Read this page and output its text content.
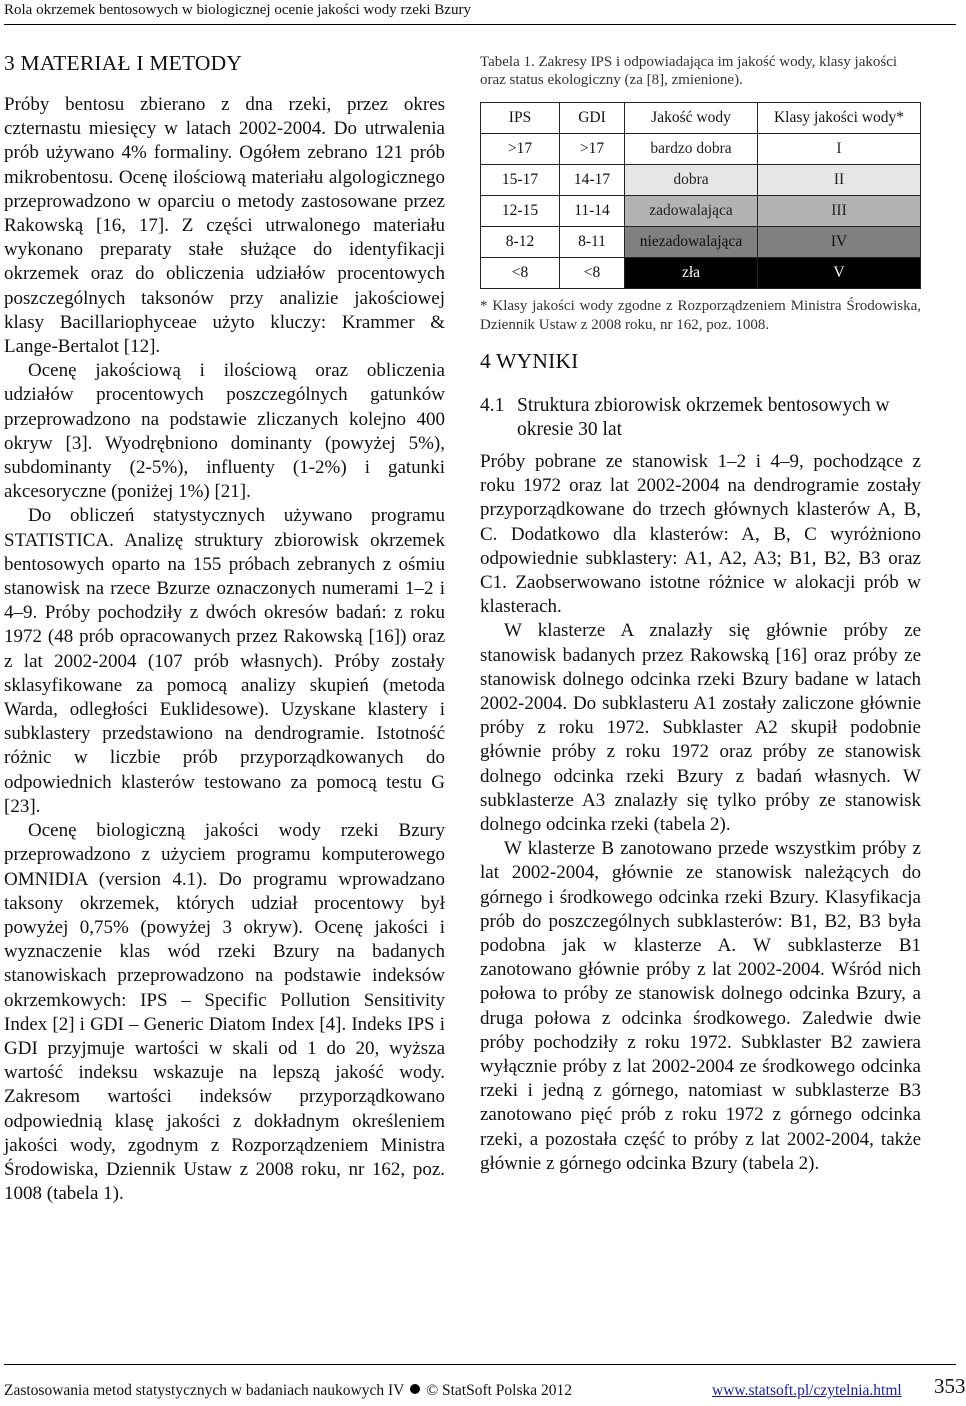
Rola okrzemek bentosowych w biologicznej ocenie jakości wody rzeki Bzury
3 MATERIAŁ I METODY

Próby bentosu zbierano z dna rzeki, przez okres czternastu miesięcy w latach 2002-2004. Do utrwalenia prób używano 4% formaliny. Ogółem zebrano 121 prób mikrobentosu. Ocenę ilościową materiału algologicznego przeprowadzono w oparciu o metody zastosowane przez Rakowską [16, 17]. Z części utrwalonego materiału wykonano preparaty stałe służące do identyfikacji okrzemek oraz do obliczenia udziałów procentowych poszczególnych taksonów przy analizie jakościowej klasy Bacillariophyceae użyto kluczy: Krammer & Lange-Bertalot [12].

Ocenę jakościową i ilościową oraz obliczenia udziałów procentowych poszczególnych gatunków przeprowadzono na podstawie zliczanych kolejno 400 okryw [3]. Wyodrębniono dominanty (powyżej 5%), subdominanty (2-5%), influenty (1-2%) i gatunki akcesoryczne (poniżej 1%) [21].

Do obliczeń statystycznych używano programu STATISTICA. Analizę struktury zbiorowisk okrzemek bentosowych oparto na 155 próbach zebranych z ośmiu stanowisk na rzece Bzurze oznaczonych numerami 1–2 i 4–9. Próby pochodziły z dwóch okresów badań: z roku 1972 (48 prób opracowanych przez Rakowską [16]) oraz z lat 2002-2004 (107 prób własnych). Próby zostały sklasyfikowane za pomocą analizy skupień (metoda Warda, odległości Euklidesowe). Uzyskane klastery i subklastery przedstawiono na dendrogramie. Istotność różnic w liczbie prób przyporządkowanych do odpowiednich klasterów testowano za pomocą testu G [23].

Ocenę biologiczną jakości wody rzeki Bzury przeprowadzono z użyciem programu komputerowego OMNIDIA (version 4.1). Do programu wprowadzano taksony okrzemek, których udział procentowy był powyżej 0,75% (powyżej 3 okryw). Ocenę jakości i wyznaczenie klas wód rzeki Bzury na badanych stanowiskach przeprowadzono na podstawie indeksów okrzemkowych: IPS – Specific Pollution Sensitivity Index [2] i GDI – Generic Diatom Index [4]. Indeks IPS i GDI przyjmuje wartości w skali od 1 do 20, wyższa wartość indeksu wskazuje na lepszą jakość wody. Zakresom wartości indeksów przyporządkowano odpowiednią klasę jakości z dokładnym określeniem jakości wody, zgodnym z Rozporządzeniem Ministra Środowiska, Dziennik Ustaw z 2008 roku, nr 162, poz. 1008 (tabela 1).

Tabela 1. Zakresy IPS i odpowiadająca im jakość wody, klasy jakości oraz status ekologiczny (za [8], zmienione).
IPS	GDI	Jakość wody	Klasy jakości wody*
>17	>17	bardzo dobra	I
15-17	14-17	dobra	II
12-15	11-14	zadowalająca	III
8-12	8-11	niezadowalająca	IV
<8	<8	zła	V
* Klasy jakości wody zgodne z Rozporządzeniem Ministra Środowiska, Dziennik Ustaw z 2008 roku, nr 162, poz. 1008.
4 WYNIKI
4.1 Struktura zbiorowisk okrzemek bentosowych w okresie 30 lat

Próby pobrane ze stanowisk 1–2 i 4–9, pochodzące z roku 1972 oraz lat 2002-2004 na dendrogramie zostały przyporządkowane do trzech głównych klasterów A, B, C. Dodatkowo dla klasterów: A, B, C wyróżniono odpowiednie subklastery: A1, A2, A3; B1, B2, B3 oraz C1. Zaobserwowano istotne różnice w alokacji prób w klasterach.

W klasterze A znalazły się głównie próby ze stanowisk badanych przez Rakowską [16] oraz próby ze stanowisk dolnego odcinka rzeki Bzury badane w latach 2002-2004. Do subklasteru A1 zostały zaliczone głównie próby z roku 1972. Subklaster A2 skupił podobnie głównie próby z roku 1972 oraz próby ze stanowisk dolnego odcinka rzeki Bzury z badań własnych. W subklasterze A3 znalazły się tylko próby ze stanowisk dolnego odcinka rzeki (tabela 2).

W klasterze B zanotowano przede wszystkim próby z lat 2002-2004, głównie ze stanowisk należących do górnego i środkowego odcinka rzeki Bzury. Klasyfikacja prób do poszczególnych subklasterów: B1, B2, B3 była podobna jak w klasterze A. W subklasterze B1 zanotowano głównie próby z lat 2002-2004. Wśród nich połowa to próby ze stanowisk dolnego odcinka Bzury, a druga połowa z odcinka środkowego. Zaledwie dwie próby pochodziły z roku 1972. Subklaster B2 zawiera wyłącznie próby z lat 2002-2004 ze środkowego odcinka rzeki i jedną z górnego, natomiast w subklasterze B3 zanotowano pięć prób z roku 1972 z górnego odcinka rzeki, a pozostała część to próby z lat 2002-2004, także głównie z górnego odcinka Bzury (tabela 2).

Zastosowania metod statystycznych w badaniach naukowych IV © StatSoft Polska 2012	www.statsoft.pl/czytelnia.html 353
